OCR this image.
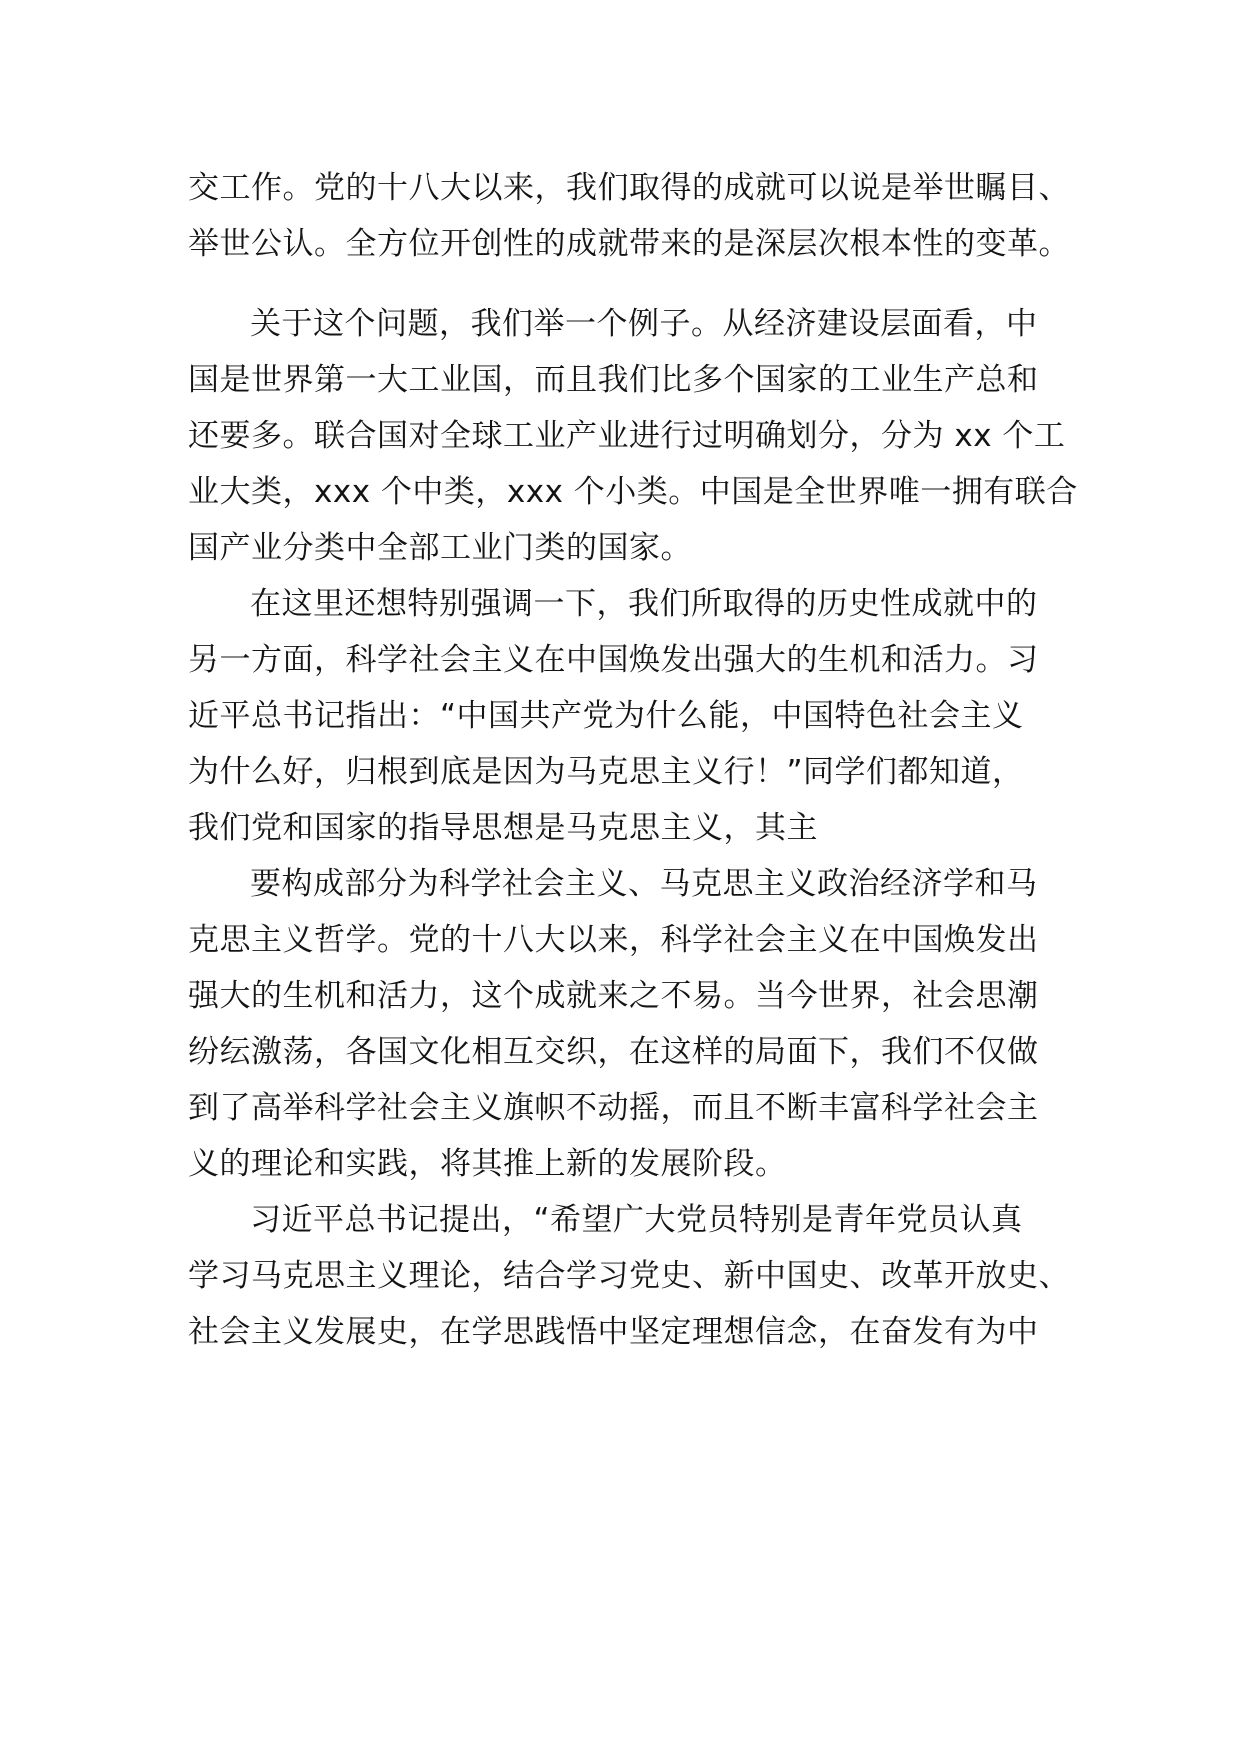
交工作。党的十八大以来，我们取得的成就可以说是举世瞩目、
举世公认。全方位开创性的成就带来的是深层次根本性的变革。
关于这个问题，我们举一个例子。从经济建设层面看，中
国是世界第一大工业国，而且我们比多个国家的工业生产总和
还要多。联合国对全球工业产业进行过明确划分，分为 xx 个工
业大类，xxx 个中类，xxx 个小类。中国是全世界唯一拥有联合
国产业分类中全部工业门类的国家。
在这里还想特别强调一下，我们所取得的历史性成就中的
另一方面，科学社会主义在中国焕发出强大的生机和活力。习
近平总书记指出：“中国共产党为什么能，中国特色社会主义
为什么好，归根到底是因为马克思主义行！”同学们都知道，
我们党和国家的指导思想是马克思主义，其主
要构成部分为科学社会主义、马克思主义政治经济学和马
克思主义哲学。党的十八大以来，科学社会主义在中国焕发出
强大的生机和活力，这个成就来之不易。当今世界，社会思潮
纷纭激荡，各国文化相互交织，在这样的局面下，我们不仅做
到了高举科学社会主义旗帜不动摇，而且不断丰富科学社会主
义的理论和实践，将其推上新的发展阶段。
习近平总书记提出，“希望广大党员特别是青年党员认真
学习马克思主义理论，结合学习党史、新中国史、改革开放史、
社会主义发展史，在学思践悟中坚定理想信念，在奋发有为中
